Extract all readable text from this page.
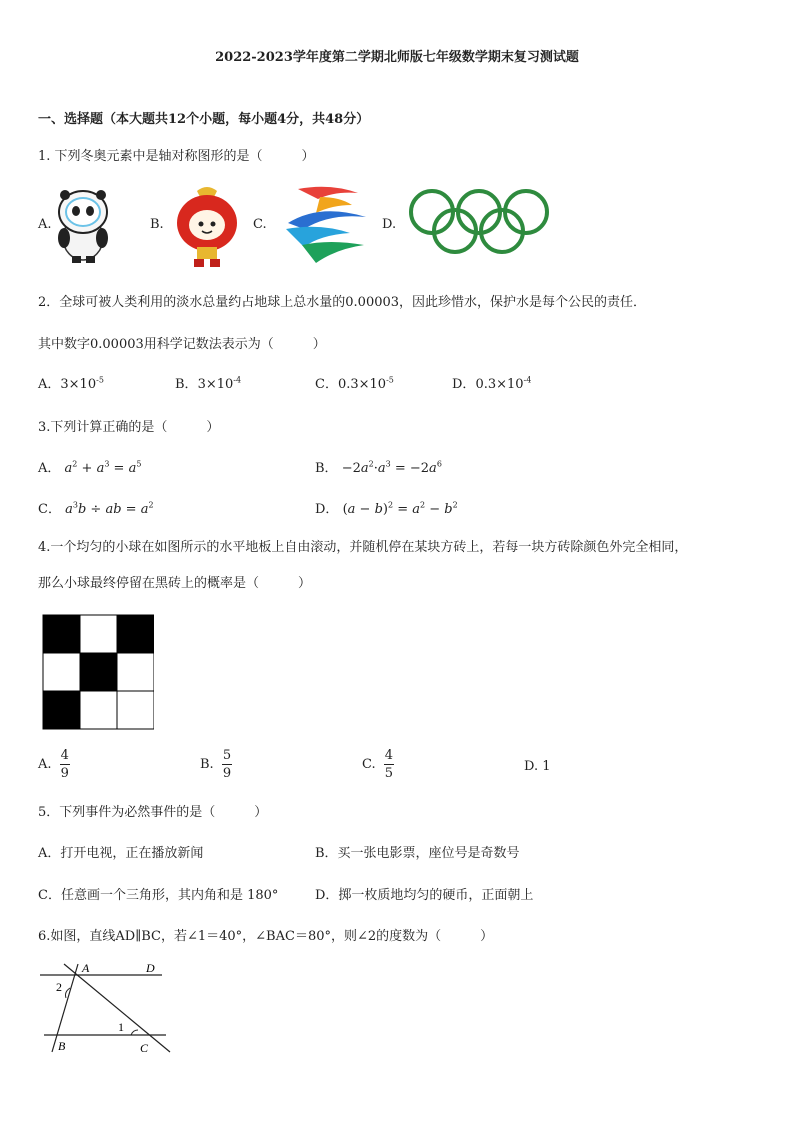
2022-2023学年度第二学期北师版七年级数学期末复习测试题
一、选择题（本大题共12个小题，每小题4分，共48分）
1. 下列冬奥元素中是轴对称图形的是（　　　）
A.	B.	C.	D.
2．全球可被人类利用的淡水总量约占地球上总水量的0.00003，因此珍惜水，保护水是每个公民的责任．
其中数字0.00003用科学记数法表示为（　　　）
A．$3\times 10^{-5}$	B．$3\times 10^{-4}$	C．$0.3\times 10^{-5}$	D．$0.3\times 10^{-4}$
3.下列计算正确的是（　　　）
A． $a^2 + a^3 = a^5$	B． $-2a^2\cdot a^3 = -2a^6$
C． $a^3b$ ÷ ab = $a^2$	D． $(a - b)^2 = a^2 - b^2$
4.一个均匀的小球在如图所示的水平地板上自由滚动，并随机停在某块方砖上，若每一块方砖除颜色外完全相同，
那么小球最终停留在黑砖上的概率是（　　　）
A. $\frac{4}{9}$	B. $\frac{5}{9}$	C. $\frac{4}{5}$	D. 1
5．下列事件为必然事件的是（　　　）
A．打开电视，正在播放新闻	B．买一张电影票，座位号是奇数号
C．任意画一个三角形，其内角和是 180°	D．掷一枚质地均匀的硬币，正面朝上
6.如图，直线AD∥BC，若∠1＝40°，∠BAC＝80°，则∠2的度数为（　　　）
A	D
B	C
2
1
